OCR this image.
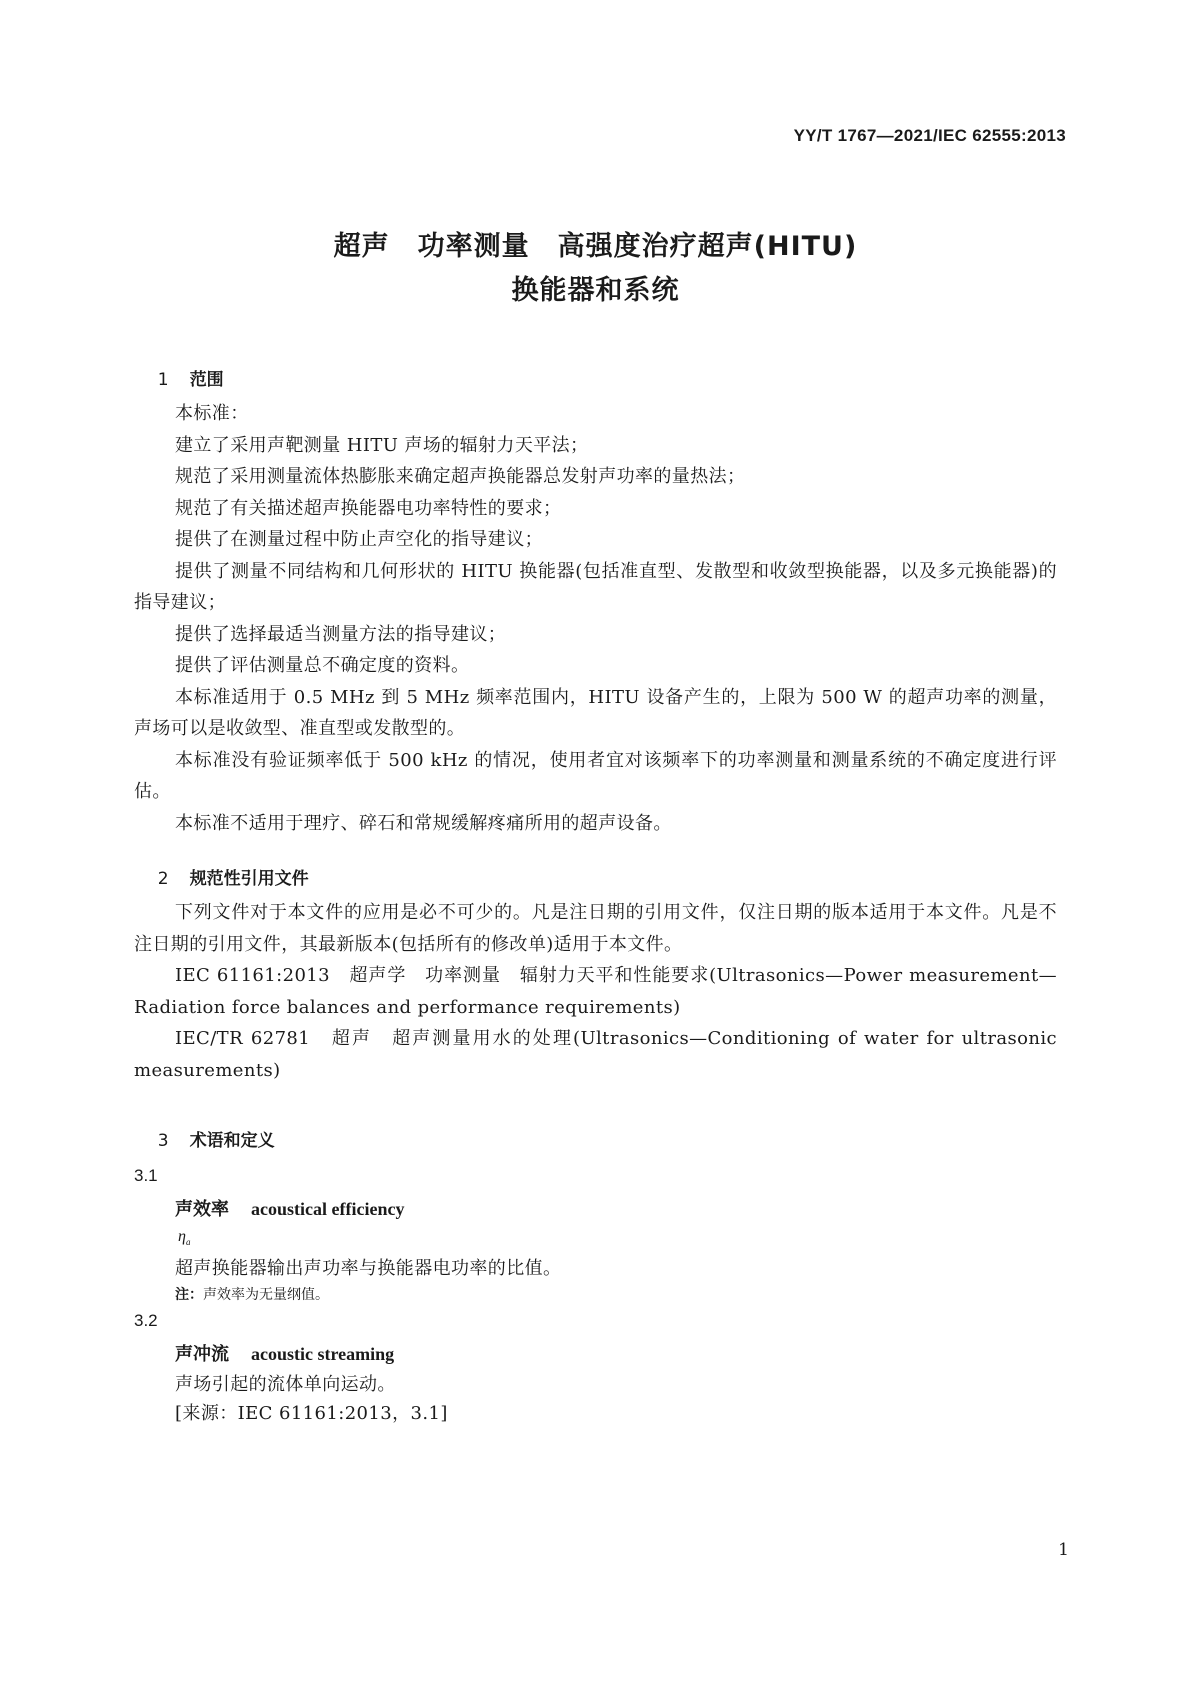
YY/T 1767—2021/IEC 62555:2013
超声　功率测量　高强度治疗超声(HITU)
换能器和系统

1 范围

本标准：

建立了采用声靶测量 HITU 声场的辐射力天平法；

规范了采用测量流体热膨胀来确定超声换能器总发射声功率的量热法；

规范了有关描述超声换能器电功率特性的要求；

提供了在测量过程中防止声空化的指导建议；

提供了测量不同结构和几何形状的 HITU 换能器(包括准直型、发散型和收敛型换能器，以及多元换能器)的指导建议；

提供了选择最适当测量方法的指导建议；

提供了评估测量总不确定度的资料。

本标准适用于 0.5 MHz 到 5 MHz 频率范围内，HITU 设备产生的，上限为 500 W 的超声功率的测量，声场可以是收敛型、准直型或发散型的。

本标准没有验证频率低于 500 kHz 的情况，使用者宜对该频率下的功率测量和测量系统的不确定度进行评估。

本标准不适用于理疗、碎石和常规缓解疼痛所用的超声设备。

2 规范性引用文件

下列文件对于本文件的应用是必不可少的。凡是注日期的引用文件，仅注日期的版本适用于本文件。凡是不注日期的引用文件，其最新版本(包括所有的修改单)适用于本文件。

IEC 61161:2013　超声学　功率测量　辐射力天平和性能要求(Ultrasonics—Power measurement—Radiation force balances and performance requirements)

IEC/TR 62781　超声　超声测量用水的处理(Ultrasonics—Conditioning of water for ultrasonic measurements)

3 术语和定义

3.1
声效率 acoustical efficiency
$\eta_a$
超声换能器输出声功率与换能器电功率的比值。
注：声效率为无量纲值。
3.2
声冲流 acoustic streaming
声场引起的流体单向运动。
[来源：IEC 61161:2013，3.1]
1
